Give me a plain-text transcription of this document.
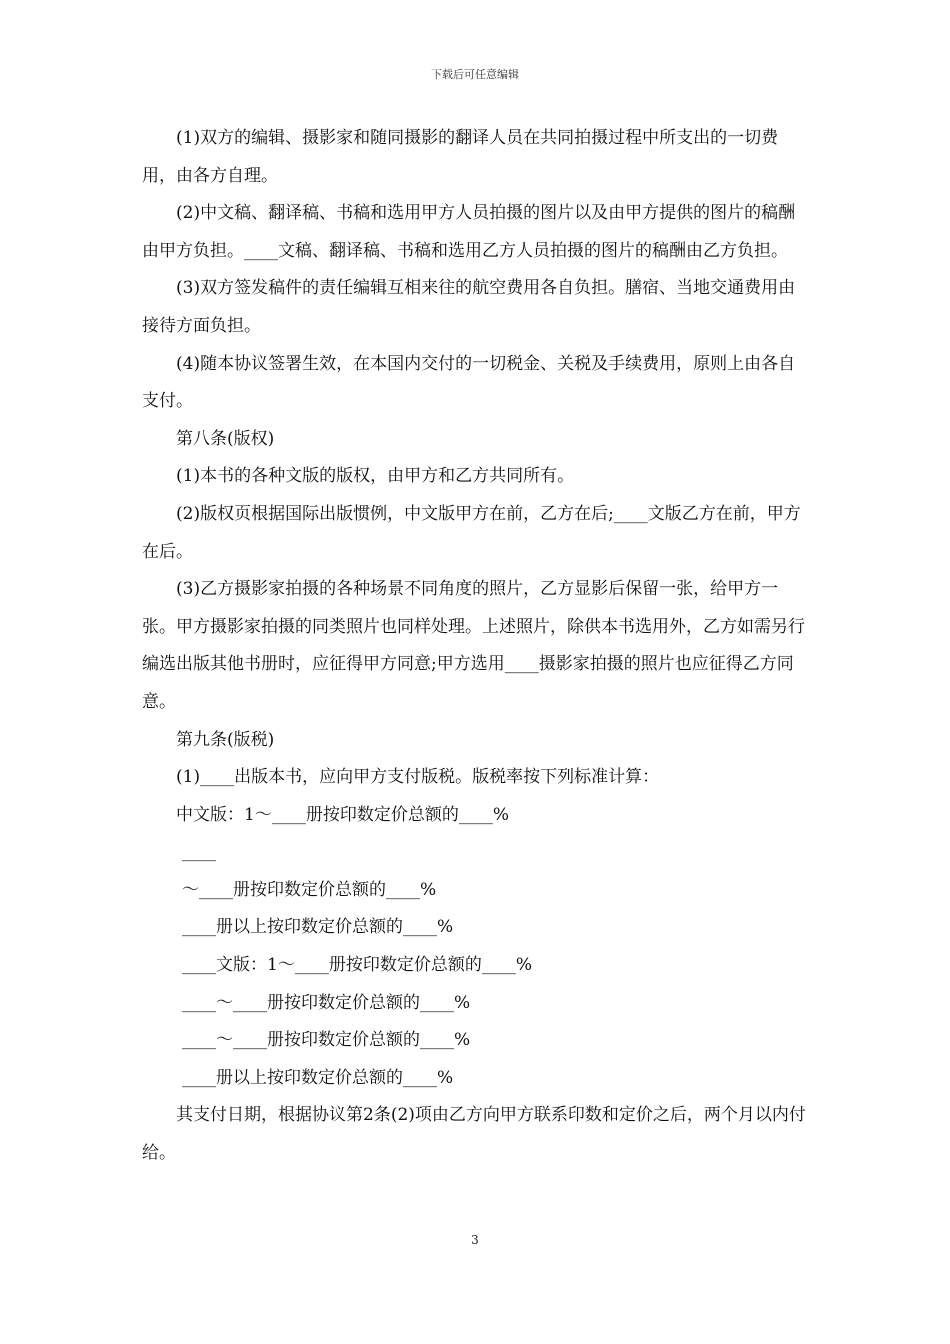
下载后可任意编辑

(1)双方的编辑、摄影家和随同摄影的翻译人员在共同拍摄过程中所支出的一切费用，由各方自理。

(2)中文稿、翻译稿、书稿和选用甲方人员拍摄的图片以及由甲方提供的图片的稿酬由甲方负担。____文稿、翻译稿、书稿和选用乙方人员拍摄的图片的稿酬由乙方负担。

(3)双方签发稿件的责任编辑互相来往的航空费用各自负担。膳宿、当地交通费用由接待方面负担。

(4)随本协议签署生效，在本国内交付的一切税金、关税及手续费用，原则上由各自支付。

第八条(版权)

(1)本书的各种文版的版权，由甲方和乙方共同所有。

(2)版权页根据国际出版惯例，中文版甲方在前，乙方在后;____文版乙方在前，甲方在后。

(3)乙方摄影家拍摄的各种场景不同角度的照片，乙方显影后保留一张，给甲方一张。甲方摄影家拍摄的同类照片也同样处理。上述照片，除供本书选用外，乙方如需另行编选出版其他书册时，应征得甲方同意;甲方选用____摄影家拍摄的照片也应征得乙方同意。

第九条(版税)

(1)____出版本书，应向甲方支付版税。版税率按下列标准计算：

中文版：1～____册按印数定价总额的____%

____

～____册按印数定价总额的____%

____册以上按印数定价总额的____%

____文版：1～____册按印数定价总额的____%

____～____册按印数定价总额的____%

____～____册按印数定价总额的____%

____册以上按印数定价总额的____%

其支付日期，根据协议第2条(2)项由乙方向甲方联系印数和定价之后，两个月以内付给。

3
